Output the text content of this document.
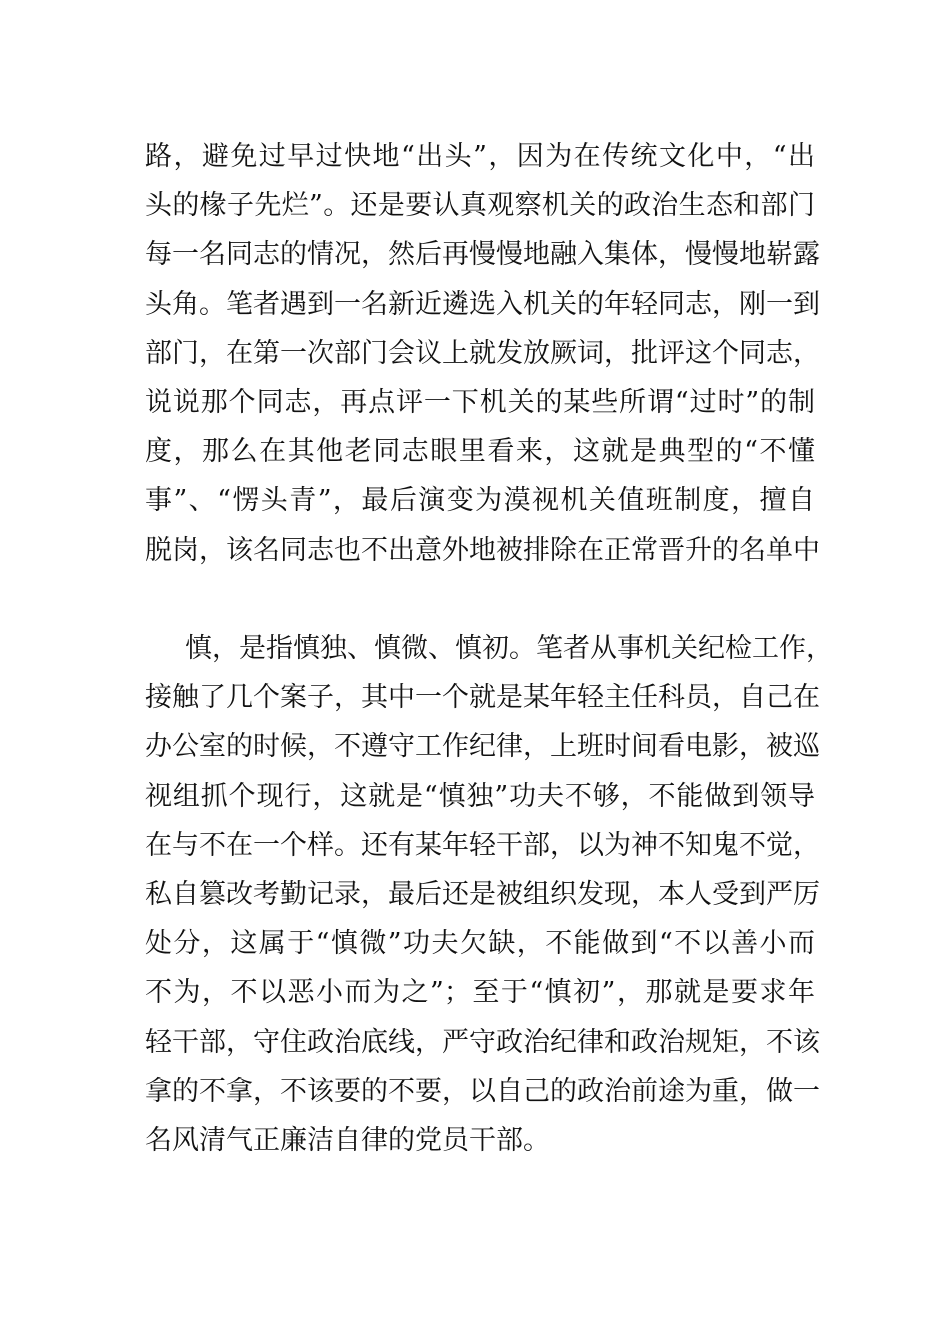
路，避免过早过快地“出头”，因为在传统文化中，“出
头的椽子先烂”。还是要认真观察机关的政治生态和部门
每一名同志的情况，然后再慢慢地融入集体，慢慢地崭露
头角。笔者遇到一名新近遴选入机关的年轻同志，刚一到
部门，在第一次部门会议上就发放厥词，批评这个同志，
说说那个同志，再点评一下机关的某些所谓“过时”的制
度，那么在其他老同志眼里看来，这就是典型的“不懂
事”、“愣头青”，最后演变为漠视机关值班制度，擅自
脱岗，该名同志也不出意外地被排除在正常晋升的名单中
慎，是指慎独、慎微、慎初。笔者从事机关纪检工作，
接触了几个案子，其中一个就是某年轻主任科员，自己在
办公室的时候，不遵守工作纪律，上班时间看电影，被巡
视组抓个现行，这就是“慎独”功夫不够，不能做到领导
在与不在一个样。还有某年轻干部，以为神不知鬼不觉，
私自篡改考勤记录，最后还是被组织发现，本人受到严厉
处分，这属于“慎微”功夫欠缺，不能做到“不以善小而
不为，不以恶小而为之”；至于“慎初”，那就是要求年
轻干部，守住政治底线，严守政治纪律和政治规矩，不该
拿的不拿，不该要的不要，以自己的政治前途为重，做一
名风清气正廉洁自律的党员干部。
